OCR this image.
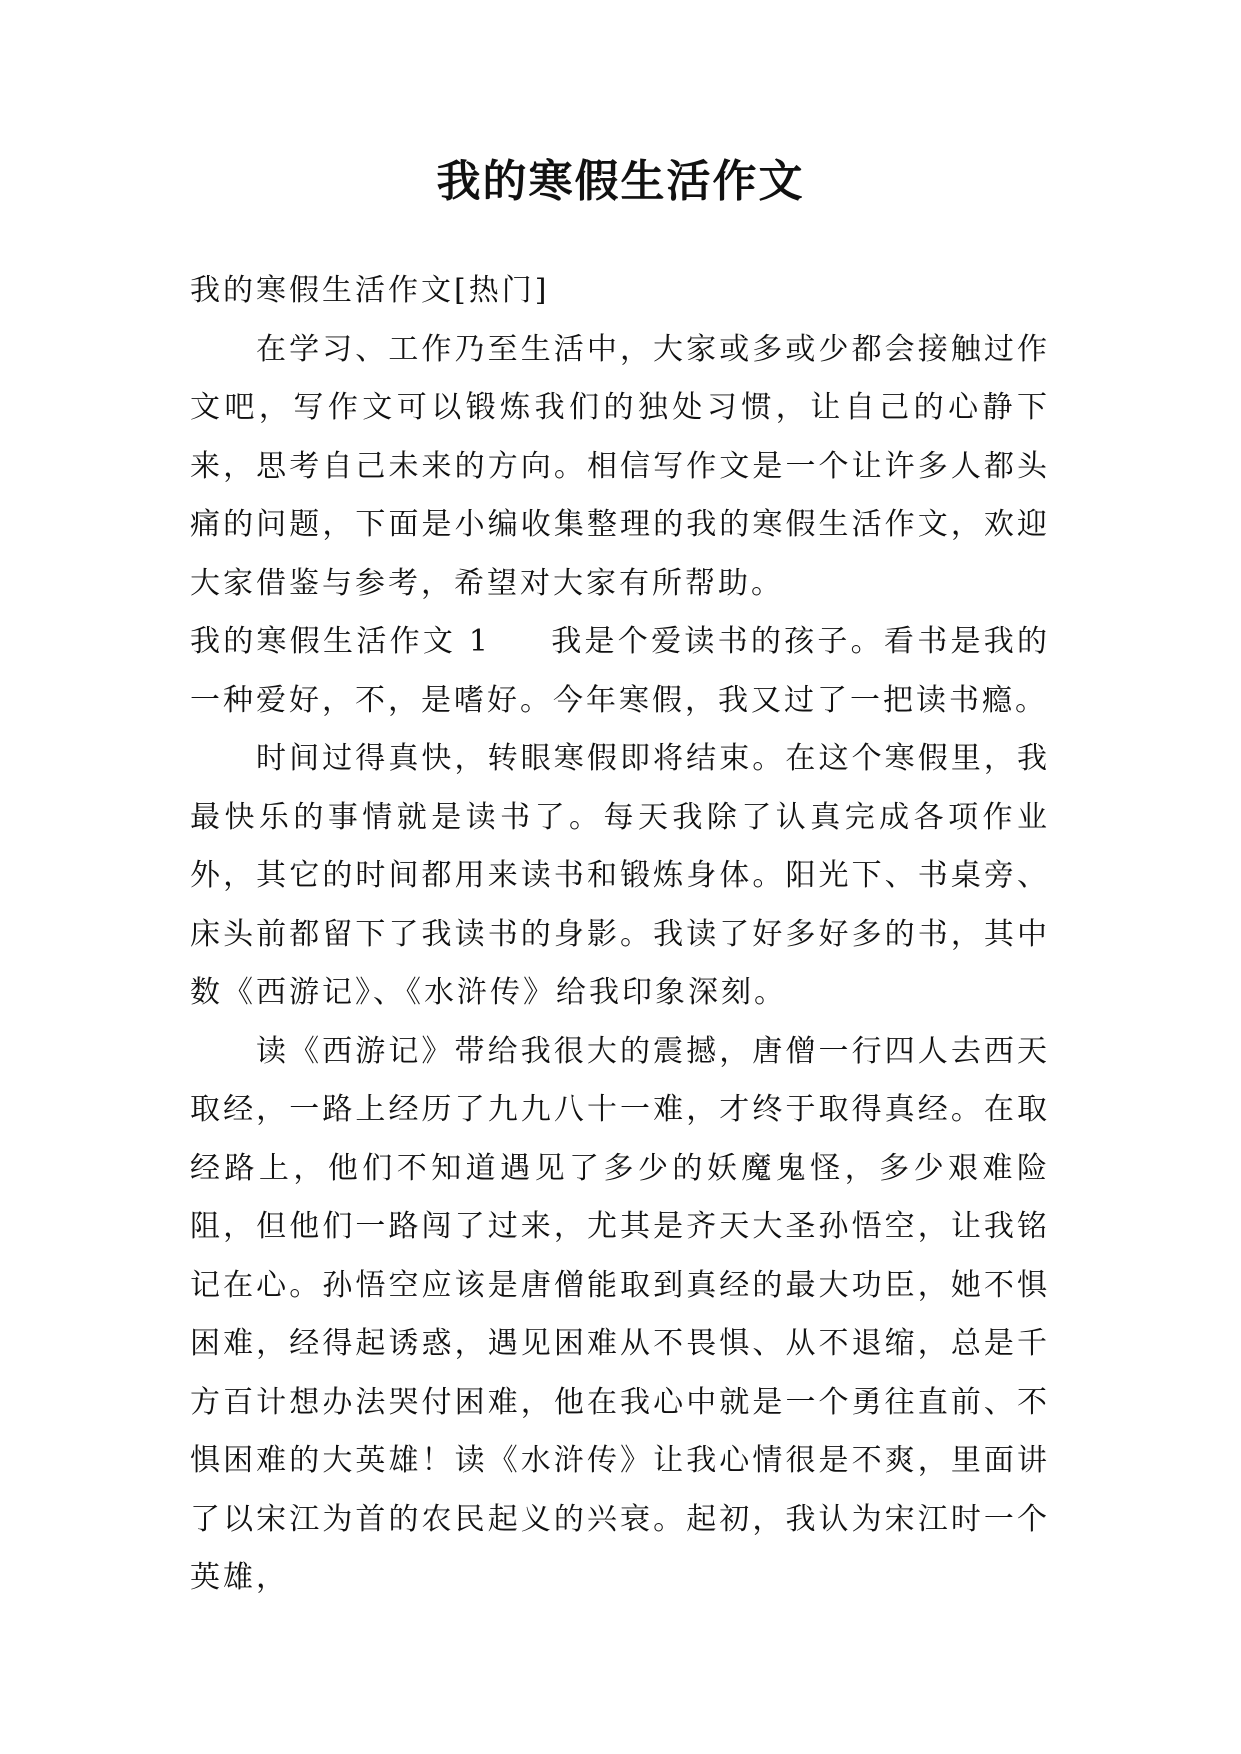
我的寒假生活作文

我的寒假生活作文[热门]

在学习、工作乃至生活中，大家或多或少都会接触过作文吧，写作文可以锻炼我们的独处习惯，让自己的心静下来，思考自己未来的方向。相信写作文是一个让许多人都头痛的问题，下面是小编收集整理的我的寒假生活作文，欢迎大家借鉴与参考，希望对大家有所帮助。

我的寒假生活作文 1 我是个爱读书的孩子。看书是我的一种爱好，不，是嗜好。今年寒假，我又过了一把读书瘾。

时间过得真快，转眼寒假即将结束。在这个寒假里，我最快乐的事情就是读书了。每天我除了认真完成各项作业外，其它的时间都用来读书和锻炼身体。阳光下、书桌旁、床头前都留下了我读书的身影。我读了好多好多的书，其中数《西游记》、《水浒传》给我印象深刻。

读《西游记》带给我很大的震撼，唐僧一行四人去西天取经，一路上经历了九九八十一难，才终于取得真经。在取经路上，他们不知道遇见了多少的妖魔鬼怪，多少艰难险阻，但他们一路闯了过来，尤其是齐天大圣孙悟空，让我铭记在心。孙悟空应该是唐僧能取到真经的最大功臣，她不惧困难，经得起诱惑，遇见困难从不畏惧、从不退缩，总是千方百计想办法哭付困难，他在我心中就是一个勇往直前、不惧困难的大英雄！读《水浒传》让我心情很是不爽，里面讲了以宋江为首的农民起义的兴衰。起初，我认为宋江时一个英雄，
